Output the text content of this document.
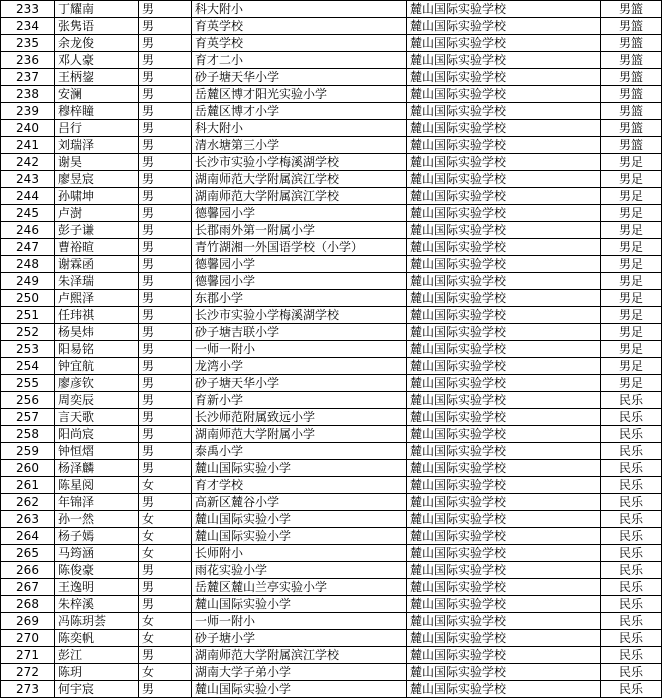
233	丁耀南	男	科大附小	麓山国际实验学校	男篮
234	张隽语	男	育英学校	麓山国际实验学校	男篮
235	余龙俊	男	育英学校	麓山国际实验学校	男篮
236	邓人豪	男	育才二小	麓山国际实验学校	男篮
237	王柄鋆	男	砂子塘天华小学	麓山国际实验学校	男篮
238	安澜	男	岳麓区博才阳光实验小学	麓山国际实验学校	男篮
239	穆梓瞳	男	岳麓区博才小学	麓山国际实验学校	男篮
240	吕行	男	科大附小	麓山国际实验学校	男篮
241	刘瑞泽	男	清水塘第三小学	麓山国际实验学校	男篮
242	谢昊	男	长沙市实验小学梅溪湖学校	麓山国际实验学校	男足
243	廖昱宸	男	湖南师范大学附属滨江学校	麓山国际实验学校	男足
244	孙啸坤	男	湖南师范大学附属滨江学校	麓山国际实验学校	男足
245	卢澍	男	德馨园小学	麓山国际实验学校	男足
246	彭子谦	男	长郡雨外第一附属小学	麓山国际实验学校	男足
247	曹裕暄	男	青竹湖湘一外国语学校（小学）	麓山国际实验学校	男足
248	谢霖函	男	德馨园小学	麓山国际实验学校	男足
249	朱泽瑞	男	德馨园小学	麓山国际实验学校	男足
250	卢熙泽	男	东郡小学	麓山国际实验学校	男足
251	任玮祺	男	长沙市实验小学梅溪湖学校	麓山国际实验学校	男足
252	杨昊炜	男	砂子塘吉联小学	麓山国际实验学校	男足
253	阳易铭	男	一师一附小	麓山国际实验学校	男足
254	钟宜航	男	龙湾小学	麓山国际实验学校	男足
255	廖彦钦	男	砂子塘天华小学	麓山国际实验学校	男足
256	周奕辰	男	育新小学	麓山国际实验学校	民乐
257	言天歌	男	长沙师范附属致远小学	麓山国际实验学校	民乐
258	阳尚宸	男	湖南师范大学附属小学	麓山国际实验学校	民乐
259	钟恒熠	男	泰禹小学	麓山国际实验学校	民乐
260	杨泽麟	男	麓山国际实验小学	麓山国际实验学校	民乐
261	陈星阅	女	育才学校	麓山国际实验学校	民乐
262	年锦泽	男	高新区麓谷小学	麓山国际实验学校	民乐
263	孙一然	女	麓山国际实验小学	麓山国际实验学校	民乐
264	杨子嫣	女	麓山国际实验小学	麓山国际实验学校	民乐
265	马筠涵	女	长师附小	麓山国际实验学校	民乐
266	陈俊豪	男	雨花实验小学	麓山国际实验学校	民乐
267	王逸明	男	岳麓区麓山兰亭实验小学	麓山国际实验学校	民乐
268	朱梓溪	男	麓山国际实验小学	麓山国际实验学校	民乐
269	冯陈玥荟	女	一师一附小	麓山国际实验学校	民乐
270	陈奕帆	女	砂子塘小学	麓山国际实验学校	民乐
271	彭江	男	湖南师范大学附属滨江学校	麓山国际实验学校	民乐
272	陈玥	女	湖南大学子弟小学	麓山国际实验学校	民乐
273	何宇宸	男	麓山国际实验小学	麓山国际实验学校	民乐
